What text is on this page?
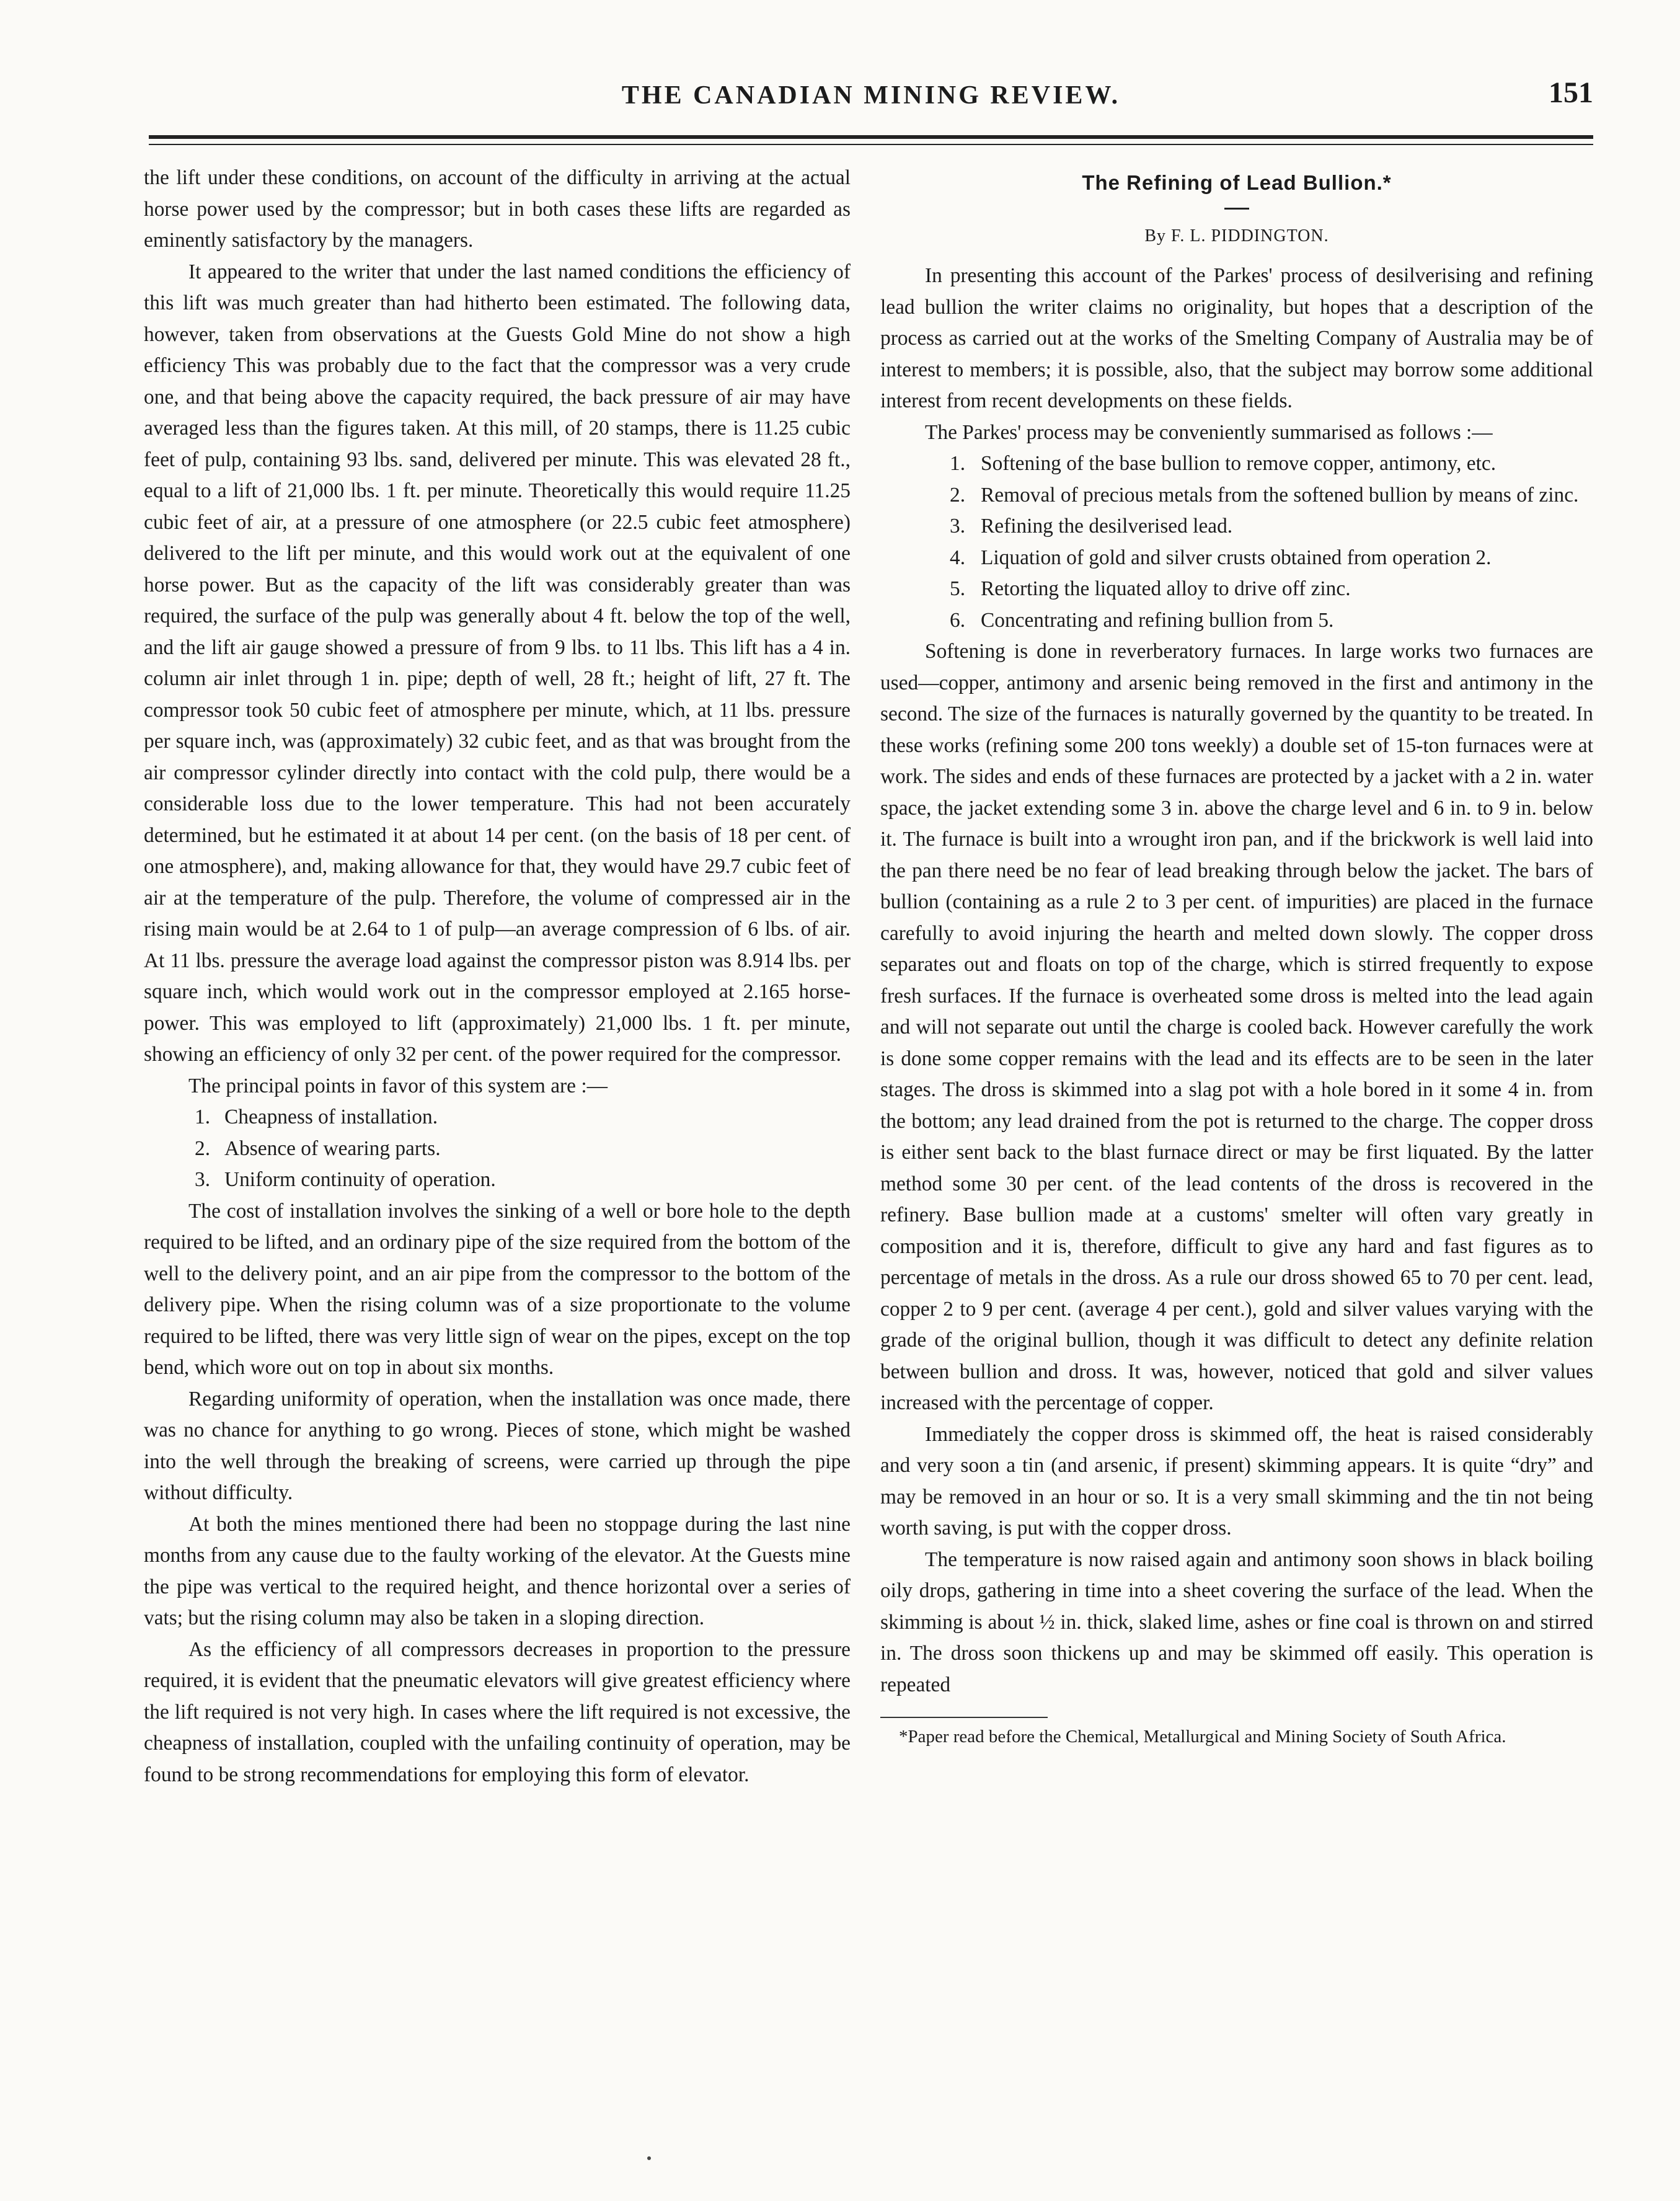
THE CANADIAN MINING REVIEW.	151

the lift under these conditions, on account of the difficulty in arriving at the actual horse power used by the compressor; but in both cases these lifts are regarded as eminently satisfactory by the managers.

It appeared to the writer that under the last named conditions the efficiency of this lift was much greater than had hitherto been estimated. The following data, however, taken from observations at the Guests Gold Mine do not show a high efficiency This was probably due to the fact that the compressor was a very crude one, and that being above the capacity required, the back pressure of air may have averaged less than the figures taken. At this mill, of 20 stamps, there is 11.25 cubic feet of pulp, containing 93 lbs. sand, delivered per minute. This was elevated 28 ft., equal to a lift of 21,000 lbs. 1 ft. per minute. Theoretically this would require 11.25 cubic feet of air, at a pressure of one atmosphere (or 22.5 cubic feet atmosphere) delivered to the lift per minute, and this would work out at the equivalent of one horse power. But as the capacity of the lift was considerably greater than was required, the surface of the pulp was generally about 4 ft. below the top of the well, and the lift air gauge showed a pressure of from 9 lbs. to 11 lbs. This lift has a 4 in. column air inlet through 1 in. pipe; depth of well, 28 ft.; height of lift, 27 ft. The compressor took 50 cubic feet of atmosphere per minute, which, at 11 lbs. pressure per square inch, was (approximately) 32 cubic feet, and as that was brought from the air compressor cylinder directly into contact with the cold pulp, there would be a considerable loss due to the lower temperature. This had not been accurately determined, but he estimated it at about 14 per cent. (on the basis of 18 per cent. of one atmosphere), and, making allowance for that, they would have 29.7 cubic feet of air at the temperature of the pulp. Therefore, the volume of compressed air in the rising main would be at 2.64 to 1 of pulp—an average compression of 6 lbs. of air. At 11 lbs. pressure the average load against the compressor piston was 8.914 lbs. per square inch, which would work out in the compressor employed at 2.165 horse-power. This was employed to lift (approximately) 21,000 lbs. 1 ft. per minute, showing an efficiency of only 32 per cent. of the power required for the compressor.

The principal points in favor of this system are :—

1. Cheapness of installation.
2. Absence of wearing parts.
3. Uniform continuity of operation.

The cost of installation involves the sinking of a well or bore hole to the depth required to be lifted, and an ordinary pipe of the size required from the bottom of the well to the delivery point, and an air pipe from the compressor to the bottom of the delivery pipe. When the rising column was of a size proportionate to the volume required to be lifted, there was very little sign of wear on the pipes, except on the top bend, which wore out on top in about six months.

Regarding uniformity of operation, when the installation was once made, there was no chance for anything to go wrong. Pieces of stone, which might be washed into the well through the breaking of screens, were carried up through the pipe without difficulty.

At both the mines mentioned there had been no stoppage during the last nine months from any cause due to the faulty working of the elevator. At the Guests mine the pipe was vertical to the required height, and thence horizontal over a series of vats; but the rising column may also be taken in a sloping direction.

As the efficiency of all compressors decreases in proportion to the pressure required, it is evident that the pneumatic elevators will give greatest efficiency where the lift required is not very high. In cases where the lift required is not excessive, the cheapness of installation, coupled with the unfailing continuity of operation, may be found to be strong recommendations for employing this form of elevator.

The Refining of Lead Bullion.*
By F. L. PIDDINGTON.

In presenting this account of the Parkes' process of desilverising and refining lead bullion the writer claims no originality, but hopes that a description of the process as carried out at the works of the Smelting Company of Australia may be of interest to members; it is possible, also, that the subject may borrow some additional interest from recent developments on these fields.

The Parkes' process may be conveniently summarised as follows :—

1. Softening of the base bullion to remove copper, antimony, etc.
2. Removal of precious metals from the softened bullion by means of zinc.
3. Refining the desilverised lead.
4. Liquation of gold and silver crusts obtained from operation 2.
5. Retorting the liquated alloy to drive off zinc.
6. Concentrating and refining bullion from 5.

Softening is done in reverberatory furnaces. In large works two furnaces are used—copper, antimony and arsenic being removed in the first and antimony in the second. The size of the furnaces is naturally governed by the quantity to be treated. In these works (refining some 200 tons weekly) a double set of 15-ton furnaces were at work. The sides and ends of these furnaces are protected by a jacket with a 2 in. water space, the jacket extending some 3 in. above the charge level and 6 in. to 9 in. below it. The furnace is built into a wrought iron pan, and if the brickwork is well laid into the pan there need be no fear of lead breaking through below the jacket. The bars of bullion (containing as a rule 2 to 3 per cent. of impurities) are placed in the furnace carefully to avoid injuring the hearth and melted down slowly. The copper dross separates out and floats on top of the charge, which is stirred frequently to expose fresh surfaces. If the furnace is overheated some dross is melted into the lead again and will not separate out until the charge is cooled back. However carefully the work is done some copper remains with the lead and its effects are to be seen in the later stages. The dross is skimmed into a slag pot with a hole bored in it some 4 in. from the bottom; any lead drained from the pot is returned to the charge. The copper dross is either sent back to the blast furnace direct or may be first liquated. By the latter method some 30 per cent. of the lead contents of the dross is recovered in the refinery. Base bullion made at a customs' smelter will often vary greatly in composition and it is, therefore, difficult to give any hard and fast figures as to percentage of metals in the dross. As a rule our dross showed 65 to 70 per cent. lead, copper 2 to 9 per cent. (average 4 per cent.), gold and silver values varying with the grade of the original bullion, though it was difficult to detect any definite relation between bullion and dross. It was, however, noticed that gold and silver values increased with the percentage of copper.

Immediately the copper dross is skimmed off, the heat is raised considerably and very soon a tin (and arsenic, if present) skimming appears. It is quite “dry” and may be removed in an hour or so. It is a very small skimming and the tin not being worth saving, is put with the copper dross.

The temperature is now raised again and antimony soon shows in black boiling oily drops, gathering in time into a sheet covering the surface of the lead. When the skimming is about ½ in. thick, slaked lime, ashes or fine coal is thrown on and stirred in. The dross soon thickens up and may be skimmed off easily. This operation is repeated

*Paper read before the Chemical, Metallurgical and Mining Society of South Africa.
